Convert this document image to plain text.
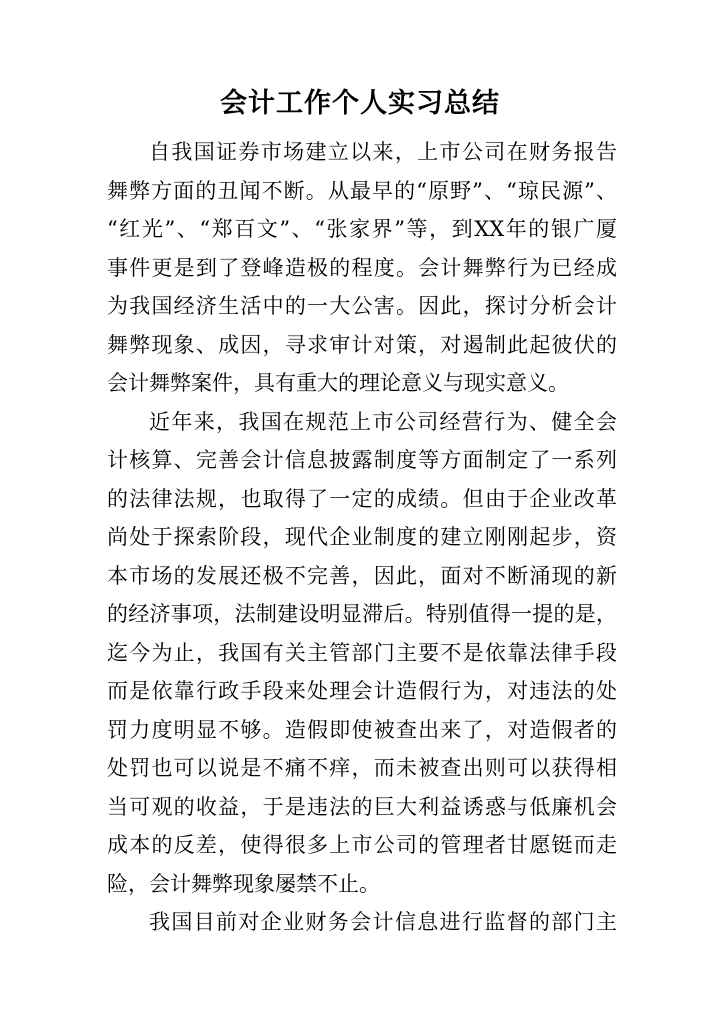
会计工作个人实习总结
自我国证券市场建立以来，上市公司在财务报告
舞弊方面的丑闻不断。从最早的“原野”、“琼民源”、
“红光”、“郑百文”、“张家界”等，到XX年的银广厦
事件更是到了登峰造极的程度。会计舞弊行为已经成
为我国经济生活中的一大公害。因此，探讨分析会计
舞弊现象、成因，寻求审计对策，对遏制此起彼伏的
会计舞弊案件，具有重大的理论意义与现实意义。
近年来，我国在规范上市公司经营行为、健全会
计核算、完善会计信息披露制度等方面制定了一系列
的法律法规，也取得了一定的成绩。但由于企业改革
尚处于探索阶段，现代企业制度的建立刚刚起步，资
本市场的发展还极不完善，因此，面对不断涌现的新
的经济事项，法制建设明显滞后。特别值得一提的是，
迄今为止，我国有关主管部门主要不是依靠法律手段
而是依靠行政手段来处理会计造假行为，对违法的处
罚力度明显不够。造假即使被查出来了，对造假者的
处罚也可以说是不痛不痒，而未被查出则可以获得相
当可观的收益，于是违法的巨大利益诱惑与低廉机会
成本的反差，使得很多上市公司的管理者甘愿铤而走
险，会计舞弊现象屡禁不止。
我国目前对企业财务会计信息进行监督的部门主
